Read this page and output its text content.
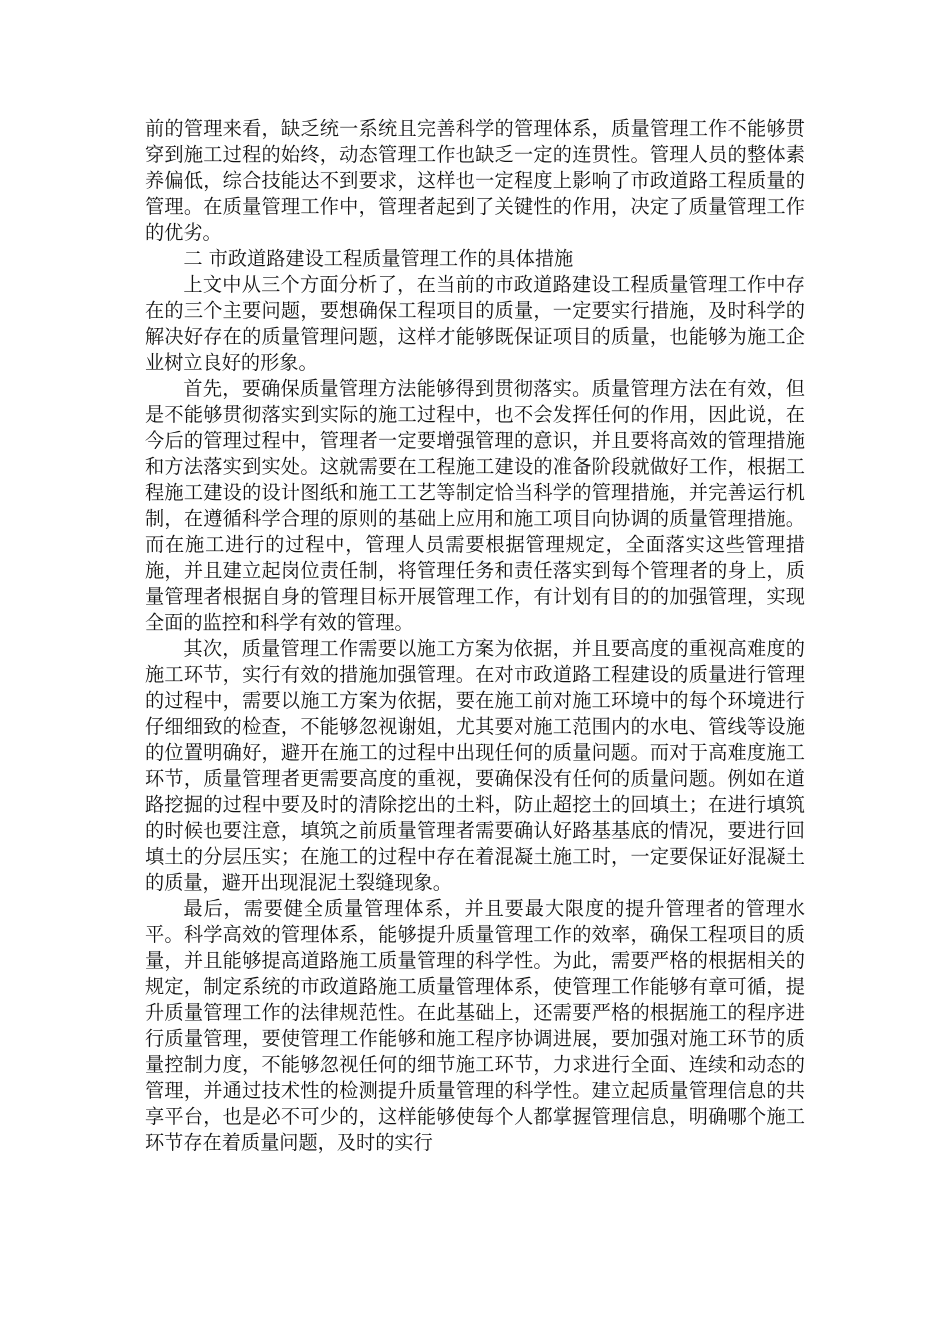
前的管理来看，缺乏统一系统且完善科学的管理体系，质量管理工作不能够贯穿到施工过程的始终，动态管理工作也缺乏一定的连贯性。管理人员的整体素养偏低，综合技能达不到要求，这样也一定程度上影响了市政道路工程质量的管理。在质量管理工作中，管理者起到了关键性的作用，决定了质量管理工作的优劣。

二 市政道路建设工程质量管理工作的具体措施

上文中从三个方面分析了，在当前的市政道路建设工程质量管理工作中存在的三个主要问题，要想确保工程项目的质量，一定要实行措施，及时科学的解决好存在的质量管理问题，这样才能够既保证项目的质量，也能够为施工企业树立良好的形象。

首先，要确保质量管理方法能够得到贯彻落实。质量管理方法在有效，但是不能够贯彻落实到实际的施工过程中，也不会发挥任何的作用，因此说，在今后的管理过程中，管理者一定要增强管理的意识，并且要将高效的管理措施和方法落实到实处。这就需要在工程施工建设的准备阶段就做好工作，根据工程施工建设的设计图纸和施工工艺等制定恰当科学的管理措施，并完善运行机制，在遵循科学合理的原则的基础上应用和施工项目向协调的质量管理措施。而在施工进行的过程中，管理人员需要根据管理规定，全面落实这些管理措施，并且建立起岗位责任制，将管理任务和责任落实到每个管理者的身上，质量管理者根据自身的管理目标开展管理工作，有计划有目的的加强管理，实现全面的监控和科学有效的管理。

其次，质量管理工作需要以施工方案为依据，并且要高度的重视高难度的施工环节，实行有效的措施加强管理。在对市政道路工程建设的质量进行管理的过程中，需要以施工方案为依据，要在施工前对施工环境中的每个环境进行仔细细致的检查，不能够忽视谢姐，尤其要对施工范围内的水电、管线等设施的位置明确好，避开在施工的过程中出现任何的质量问题。而对于高难度施工环节，质量管理者更需要高度的重视，要确保没有任何的质量问题。例如在道路挖掘的过程中要及时的清除挖出的土料，防止超挖土的回填土；在进行填筑的时候也要注意，填筑之前质量管理者需要确认好路基基底的情况，要进行回填土的分层压实；在施工的过程中存在着混凝土施工时，一定要保证好混凝土的质量，避开出现混泥土裂缝现象。

最后，需要健全质量管理体系，并且要最大限度的提升管理者的管理水平。科学高效的管理体系，能够提升质量管理工作的效率，确保工程项目的质量，并且能够提高道路施工质量管理的科学性。为此，需要严格的根据相关的规定，制定系统的市政道路施工质量管理体系，使管理工作能够有章可循，提升质量管理工作的法律规范性。在此基础上，还需要严格的根据施工的程序进行质量管理，要使管理工作能够和施工程序协调进展，要加强对施工环节的质量控制力度，不能够忽视任何的细节施工环节，力求进行全面、连续和动态的管理，并通过技术性的检测提升质量管理的科学性。建立起质量管理信息的共享平台，也是必不可少的，这样能够使每个人都掌握管理信息，明确哪个施工环节存在着质量问题，及时的实行
